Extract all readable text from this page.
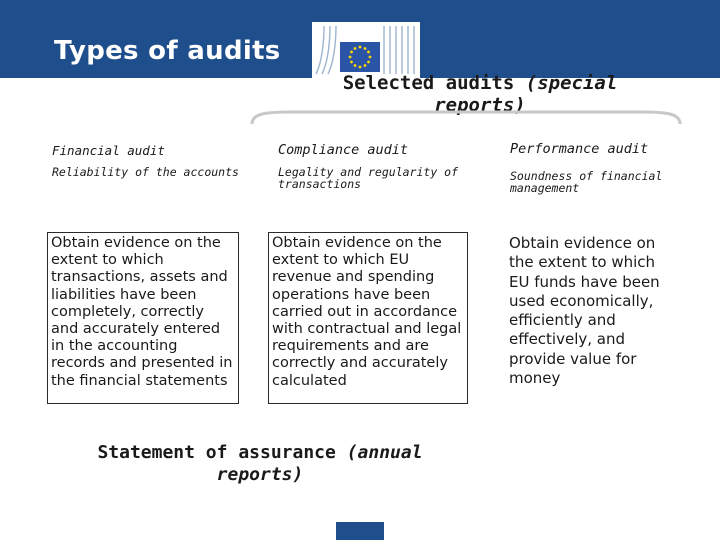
Types of audits
Selected audits (special reports)
Financial audit
Reliability of the accounts
Obtain evidence on the extent to which transactions, assets and liabilities have been completely, correctly and accurately entered in the accounting records and presented in the financial statements
Compliance audit
Legality and regularity of transactions
Obtain evidence on the extent to which EU revenue and spending operations have been carried out in accordance with contractual and legal requirements and are correctly and accurately calculated
Performance audit
Soundness of financial management
Obtain evidence on the extent to which EU funds have been used economically, efficiently and effectively, and provide value for money
Statement of assurance (annual reports)
